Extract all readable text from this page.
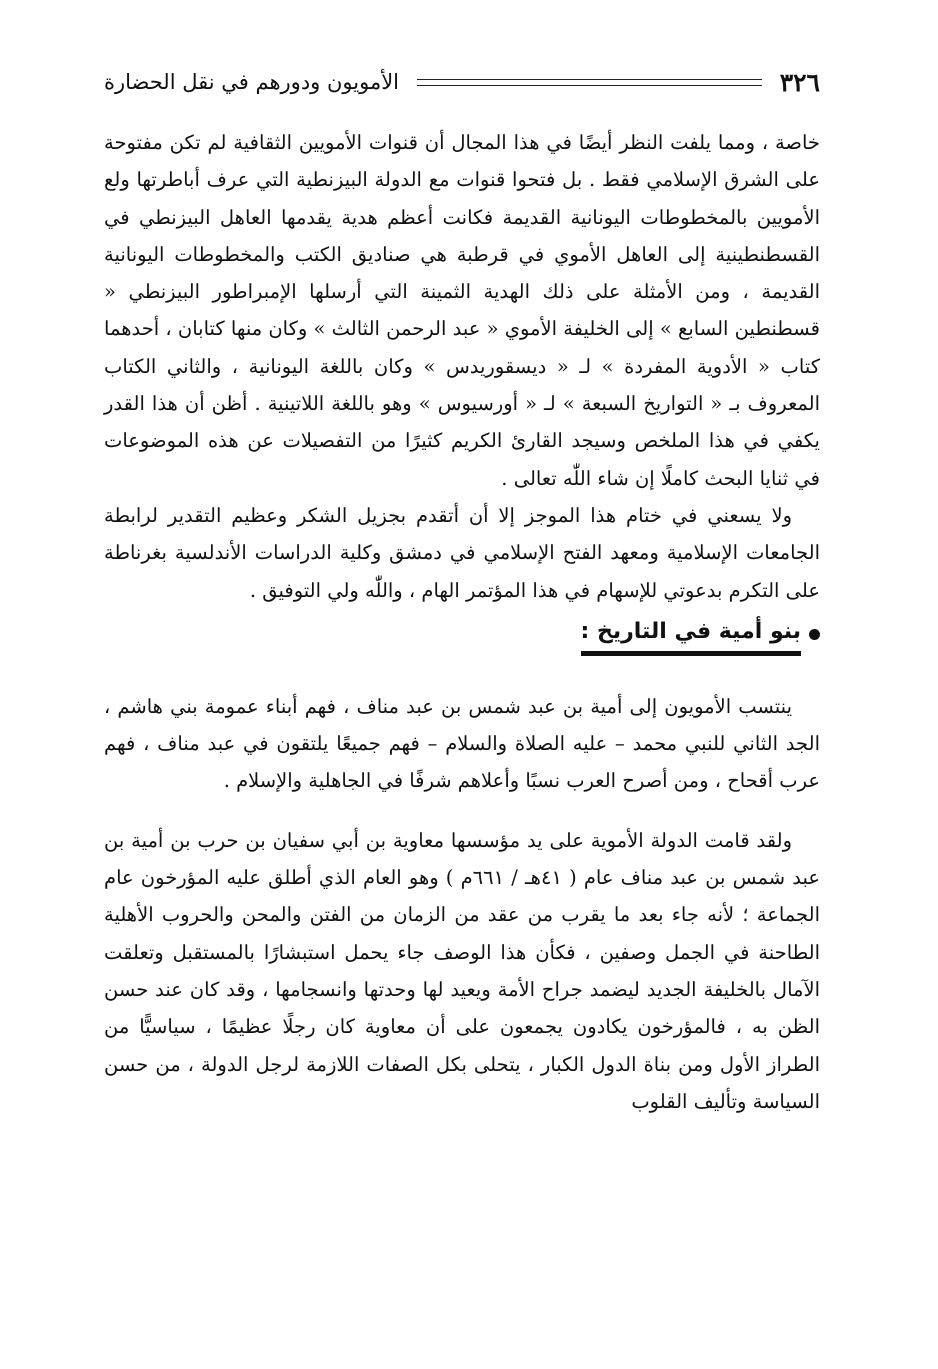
٣٢٦
الأمويون ودورهم في نقل الحضارة

خاصة ، ومما يلفت النظر أيضًا في هذا المجال أن قنوات الأمويين الثقافية لم تكن مفتوحة على الشرق الإسلامي فقط . بل فتحوا قنوات مع الدولة البيزنطية التي عرف أباطرتها ولع الأمويين بالمخطوطات اليونانية القديمة فكانت أعظم هدية يقدمها العاهل البيزنطي في القسطنطينية إلى العاهل الأموي في قرطبة هي صناديق الكتب والمخطوطات اليونانية القديمة ، ومن الأمثلة على ذلك الهدية الثمينة التي أرسلها الإمبراطور البيزنطي « قسطنطين السابع » إلى الخليفة الأموي « عبد الرحمن الثالث » وكان منها كتابان ، أحدهما كتاب « الأدوية المفردة » لـ « ديسقوريدس » وكان باللغة اليونانية ، والثاني الكتاب المعروف بـ « التواريخ السبعة » لـ « أورسيوس » وهو باللغة اللاتينية . أظن أن هذا القدر يكفي في هذا الملخص وسيجد القارئ الكريم كثيرًا من التفصيلات عن هذه الموضوعات في ثنايا البحث كاملًا إن شاء اللّٰه تعالى .

ولا يسعني في ختام هذا الموجز إلا أن أتقدم بجزيل الشكر وعظيم التقدير لرابطة الجامعات الإسلامية ومعهد الفتح الإسلامي في دمشق وكلية الدراسات الأندلسية بغرناطة على التكرم بدعوتي للإسهام في هذا المؤتمر الهام ، واللّٰه ولي التوفيق .

بنو أمية في التاريخ :

ينتسب الأمويون إلى أمية بن عبد شمس بن عبد مناف ، فهم أبناء عمومة بني هاشم ، الجد الثاني للنبي محمد – عليه الصلاة والسلام – فهم جميعًا يلتقون في عبد مناف ، فهم عرب أقحاح ، ومن أصرح العرب نسبًا وأعلاهم شرفًا في الجاهلية والإسلام .

ولقد قامت الدولة الأموية على يد مؤسسها معاوية بن أبي سفيان بن حرب بن أمية بن عبد شمس بن عبد مناف عام ( ٤١هـ / ٦٦١م ) وهو العام الذي أطلق عليه المؤرخون عام الجماعة ؛ لأنه جاء بعد ما يقرب من عقد من الزمان من الفتن والمحن والحروب الأهلية الطاحنة في الجمل وصفين ، فكأن هذا الوصف جاء يحمل استبشارًا بالمستقبل وتعلقت الآمال بالخليفة الجديد ليضمد جراح الأمة ويعيد لها وحدتها وانسجامها ، وقد كان عند حسن الظن به ، فالمؤرخون يكادون يجمعون على أن معاوية كان رجلًا عظيمًا ، سياسيًّا من الطراز الأول ومن بناة الدول الكبار ، يتحلى بكل الصفات اللازمة لرجل الدولة ، من حسن السياسة وتأليف القلوب
